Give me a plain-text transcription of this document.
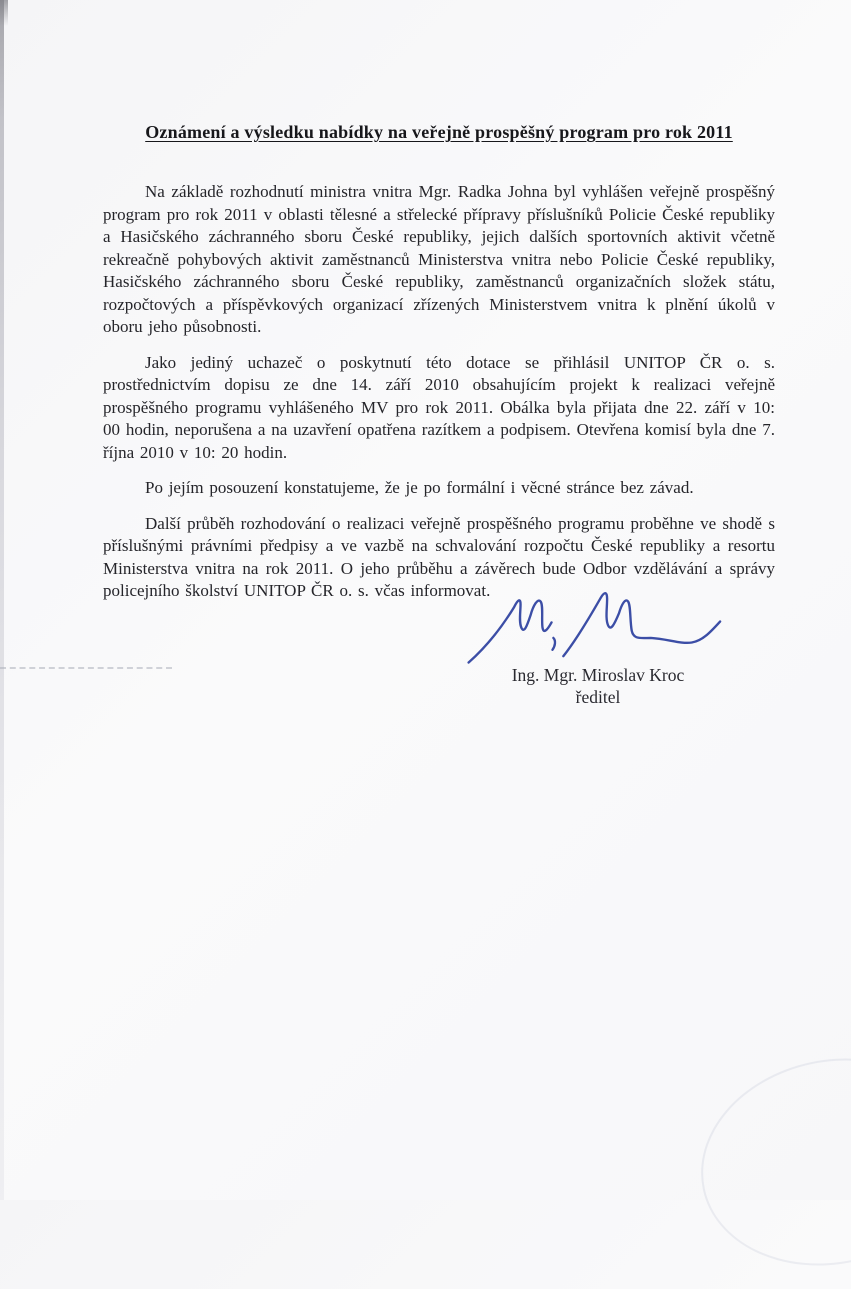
Oznámení a výsledku nabídky na veřejně prospěšný program pro rok 2011

Na základě rozhodnutí ministra vnitra Mgr. Radka Johna byl vyhlášen veřejně prospěšný program pro rok 2011 v oblasti tělesné a střelecké přípravy příslušníků Policie České republiky a Hasičského záchranného sboru České republiky, jejich dalších sportovních aktivit včetně rekreačně pohybových aktivit zaměstnanců Ministerstva vnitra nebo Policie České republiky, Hasičského záchranného sboru České republiky, zaměstnanců organizačních složek státu, rozpočtových a příspěvkových organizací zřízených Ministerstvem vnitra k plnění úkolů v oboru jeho působnosti.

Jako jediný uchazeč o poskytnutí této dotace se přihlásil UNITOP ČR o. s. prostřednictvím dopisu ze dne 14. září 2010 obsahujícím projekt k realizaci veřejně prospěšného programu vyhlášeného MV pro rok 2011. Obálka byla přijata dne 22. září v 10: 00 hodin, neporušena a na uzavření opatřena razítkem a podpisem. Otevřena komisí byla dne 7. října 2010 v 10: 20 hodin.

Po jejím posouzení konstatujeme, že je po formální i věcné stránce bez závad.

Další průběh rozhodování o realizaci veřejně prospěšného programu proběhne ve shodě s příslušnými právními předpisy a ve vazbě na schvalování rozpočtu České republiky a resortu Ministerstva vnitra na rok 2011. O jeho průběhu a závěrech bude Odbor vzdělávání a správy policejního školství UNITOP ČR o. s. včas informovat.

Ing. Mgr. Miroslav Kroc
ředitel
